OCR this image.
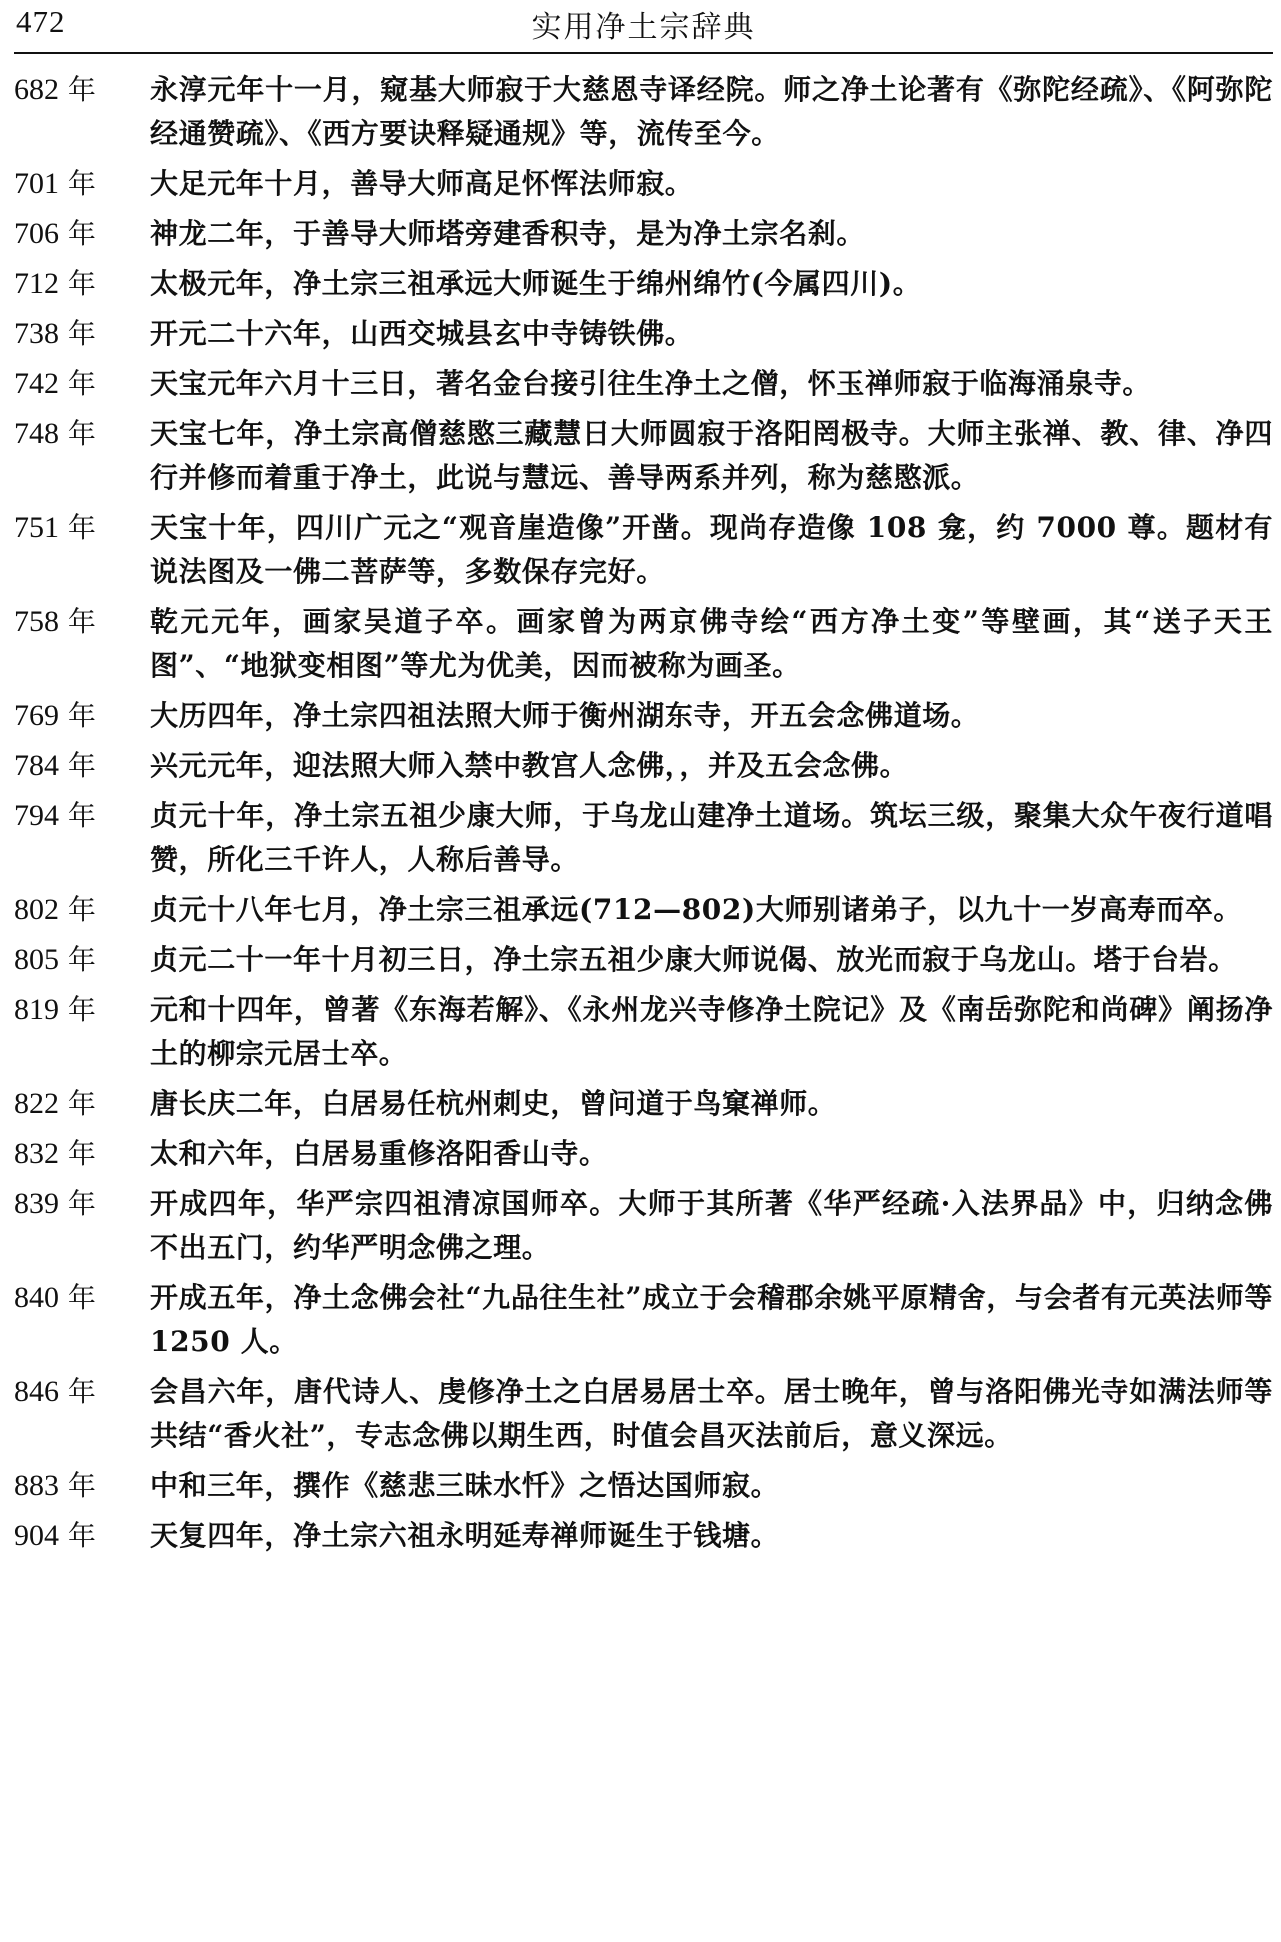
472	实用净土宗辞典
682 年	永淳元年十一月，窥基大师寂于大慈恩寺译经院。师之净土论著有《弥陀经疏》、《阿弥陀经通赞疏》、《西方要诀释疑通规》等，流传至今。
701 年	大足元年十月，善导大师高足怀恽法师寂。
706 年	神龙二年，于善导大师塔旁建香积寺，是为净土宗名刹。
712 年	太极元年，净土宗三祖承远大师诞生于绵州绵竹(今属四川)。
738 年	开元二十六年，山西交城县玄中寺铸铁佛。
742 年	天宝元年六月十三日，著名金台接引往生净土之僧，怀玉禅师寂于临海涌泉寺。
748 年	天宝七年，净土宗高僧慈愍三藏慧日大师圆寂于洛阳罔极寺。大师主张禅、教、律、净四行并修而着重于净土，此说与慧远、善导两系并列，称为慈愍派。
751 年	天宝十年，四川广元之“观音崖造像”开凿。现尚存造像 108 龛，约 7000 尊。题材有说法图及一佛二菩萨等，多数保存完好。
758 年	乾元元年，画家吴道子卒。画家曾为两京佛寺绘“西方净土变”等壁画，其“送子天王图”、“地狱变相图”等尤为优美，因而被称为画圣。
769 年	大历四年，净土宗四祖法照大师于衡州湖东寺，开五会念佛道场。
784 年	兴元元年，迎法照大师入禁中教宫人念佛，，并及五会念佛。
794 年	贞元十年，净土宗五祖少康大师，于乌龙山建净土道场。筑坛三级，聚集大众午夜行道唱赞，所化三千许人，人称后善导。
802 年	贞元十八年七月，净土宗三祖承远(712—802)大师别诸弟子，以九十一岁高寿而卒。
805 年	贞元二十一年十月初三日，净土宗五祖少康大师说偈、放光而寂于乌龙山。塔于台岩。
819 年	元和十四年，曾著《东海若解》、《永州龙兴寺修净土院记》及《南岳弥陀和尚碑》阐扬净土的柳宗元居士卒。
822 年	唐长庆二年，白居易任杭州刺史，曾问道于鸟窠禅师。
832 年	太和六年，白居易重修洛阳香山寺。
839 年	开成四年，华严宗四祖清凉国师卒。大师于其所著《华严经疏·入法界品》中，归纳念佛不出五门，约华严明念佛之理。
840 年	开成五年，净土念佛会社“九品往生社”成立于会稽郡余姚平原精舍，与会者有元英法师等 1250 人。
846 年	会昌六年，唐代诗人、虔修净土之白居易居士卒。居士晚年，曾与洛阳佛光寺如满法师等共结“香火社”，专志念佛以期生西，时值会昌灭法前后，意义深远。
883 年	中和三年，撰作《慈悲三昧水忏》之悟达国师寂。
904 年	天复四年，净土宗六祖永明延寿禅师诞生于钱塘。
